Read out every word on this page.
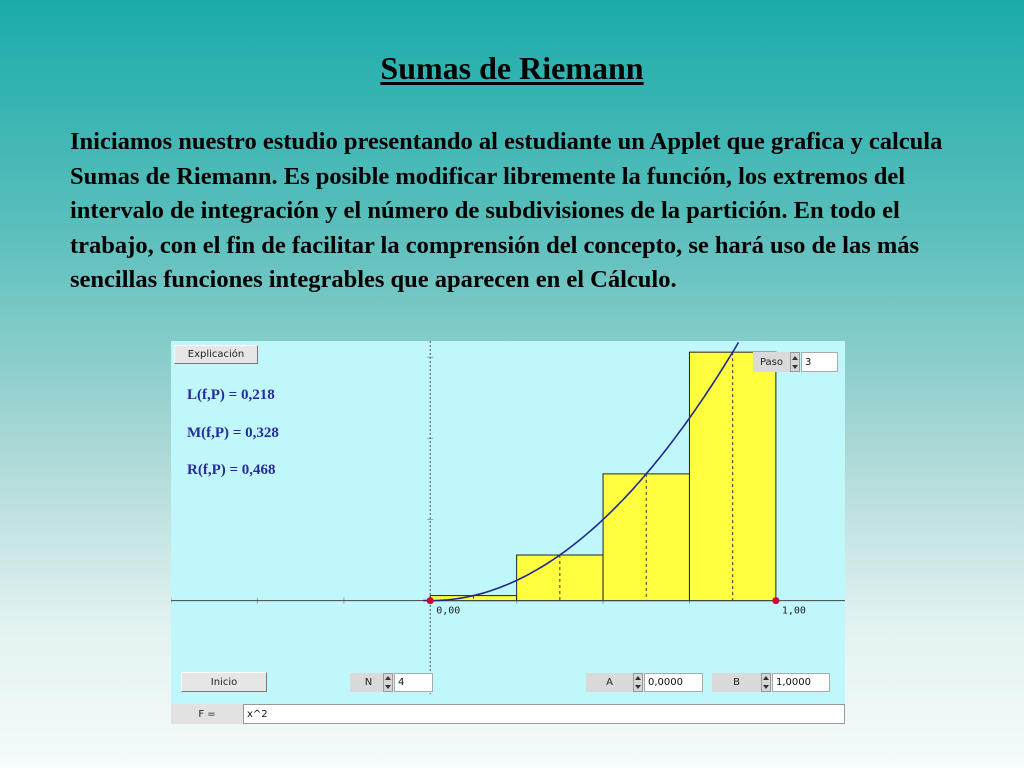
Sumas de Riemann
Iniciamos nuestro estudio presentando al estudiante un Applet que grafica y calcula Sumas de Riemann. Es posible modificar libremente la función, los extremos del intervalo de integración y el número de subdivisiones de la partición. En todo el trabajo, con el fin de facilitar la comprensión del concepto, se hará uso de las más sencillas funciones integrables que aparecen en el Cálculo.
0,00	1,00
Explicación
Paso	3
L(f,P) = 0,218
M(f,P) = 0,328
R(f,P) = 0,468
Inicio	N	4	A	0,0000	B	1,0000
F =	x^2
